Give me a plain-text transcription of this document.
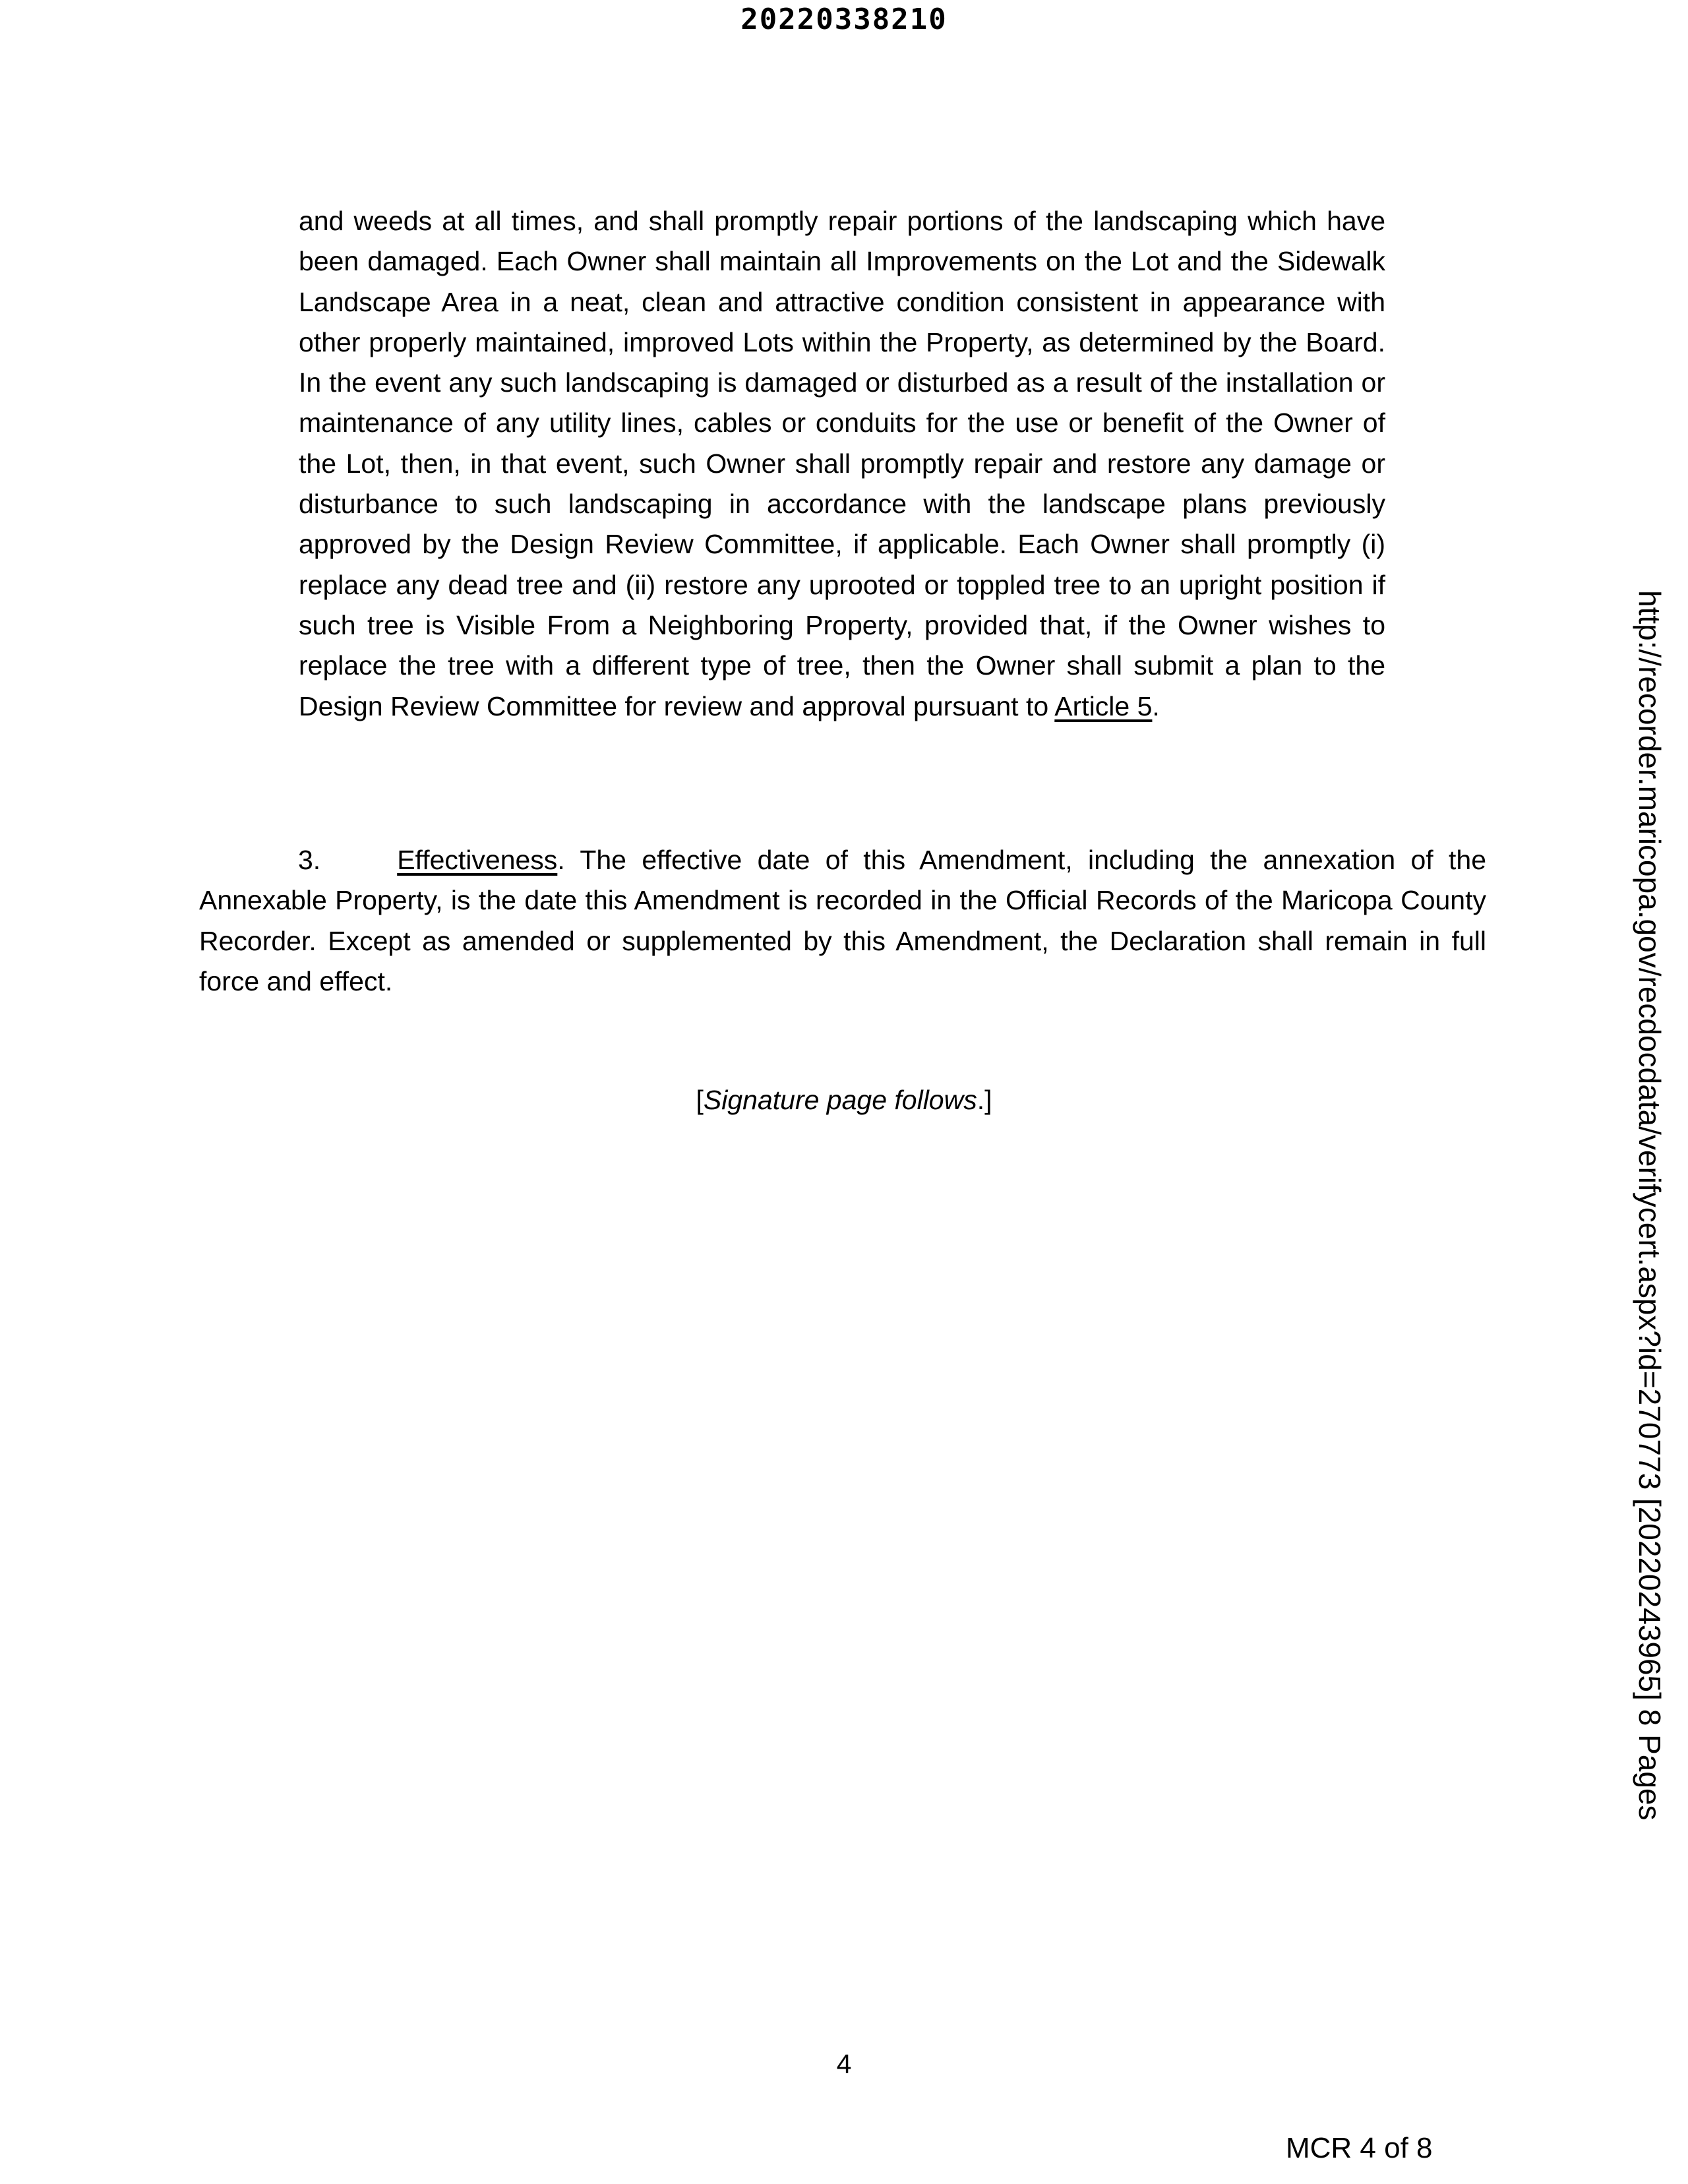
20220338210
and weeds at all times, and shall promptly repair portions of the landscaping which have been damaged. Each Owner shall maintain all Improvements on the Lot and the Sidewalk Landscape Area in a neat, clean and attractive condition consistent in appearance with other properly maintained, improved Lots within the Property, as determined by the Board. In the event any such landscaping is damaged or disturbed as a result of the installation or maintenance of any utility lines, cables or conduits for the use or benefit of the Owner of the Lot, then, in that event, such Owner shall promptly repair and restore any damage or disturbance to such landscaping in accordance with the landscape plans previously approved by the Design Review Committee, if applicable. Each Owner shall promptly (i) replace any dead tree and (ii) restore any uprooted or toppled tree to an upright position if such tree is Visible From a Neighboring Property, provided that, if the Owner wishes to replace the tree with a different type of tree, then the Owner shall submit a plan to the Design Review Committee for review and approval pursuant to Article 5.
3.	Effectiveness. The effective date of this Amendment, including the annexation of the Annexable Property, is the date this Amendment is recorded in the Official Records of the Maricopa County Recorder. Except as amended or supplemented by this Amendment, the Declaration shall remain in full force and effect.
[Signature page follows.]
4
MCR 4 of 8
http://recorder.maricopa.gov/recdocdata/verifycert.aspx?id=270773 [20220243965] 8 Pages
